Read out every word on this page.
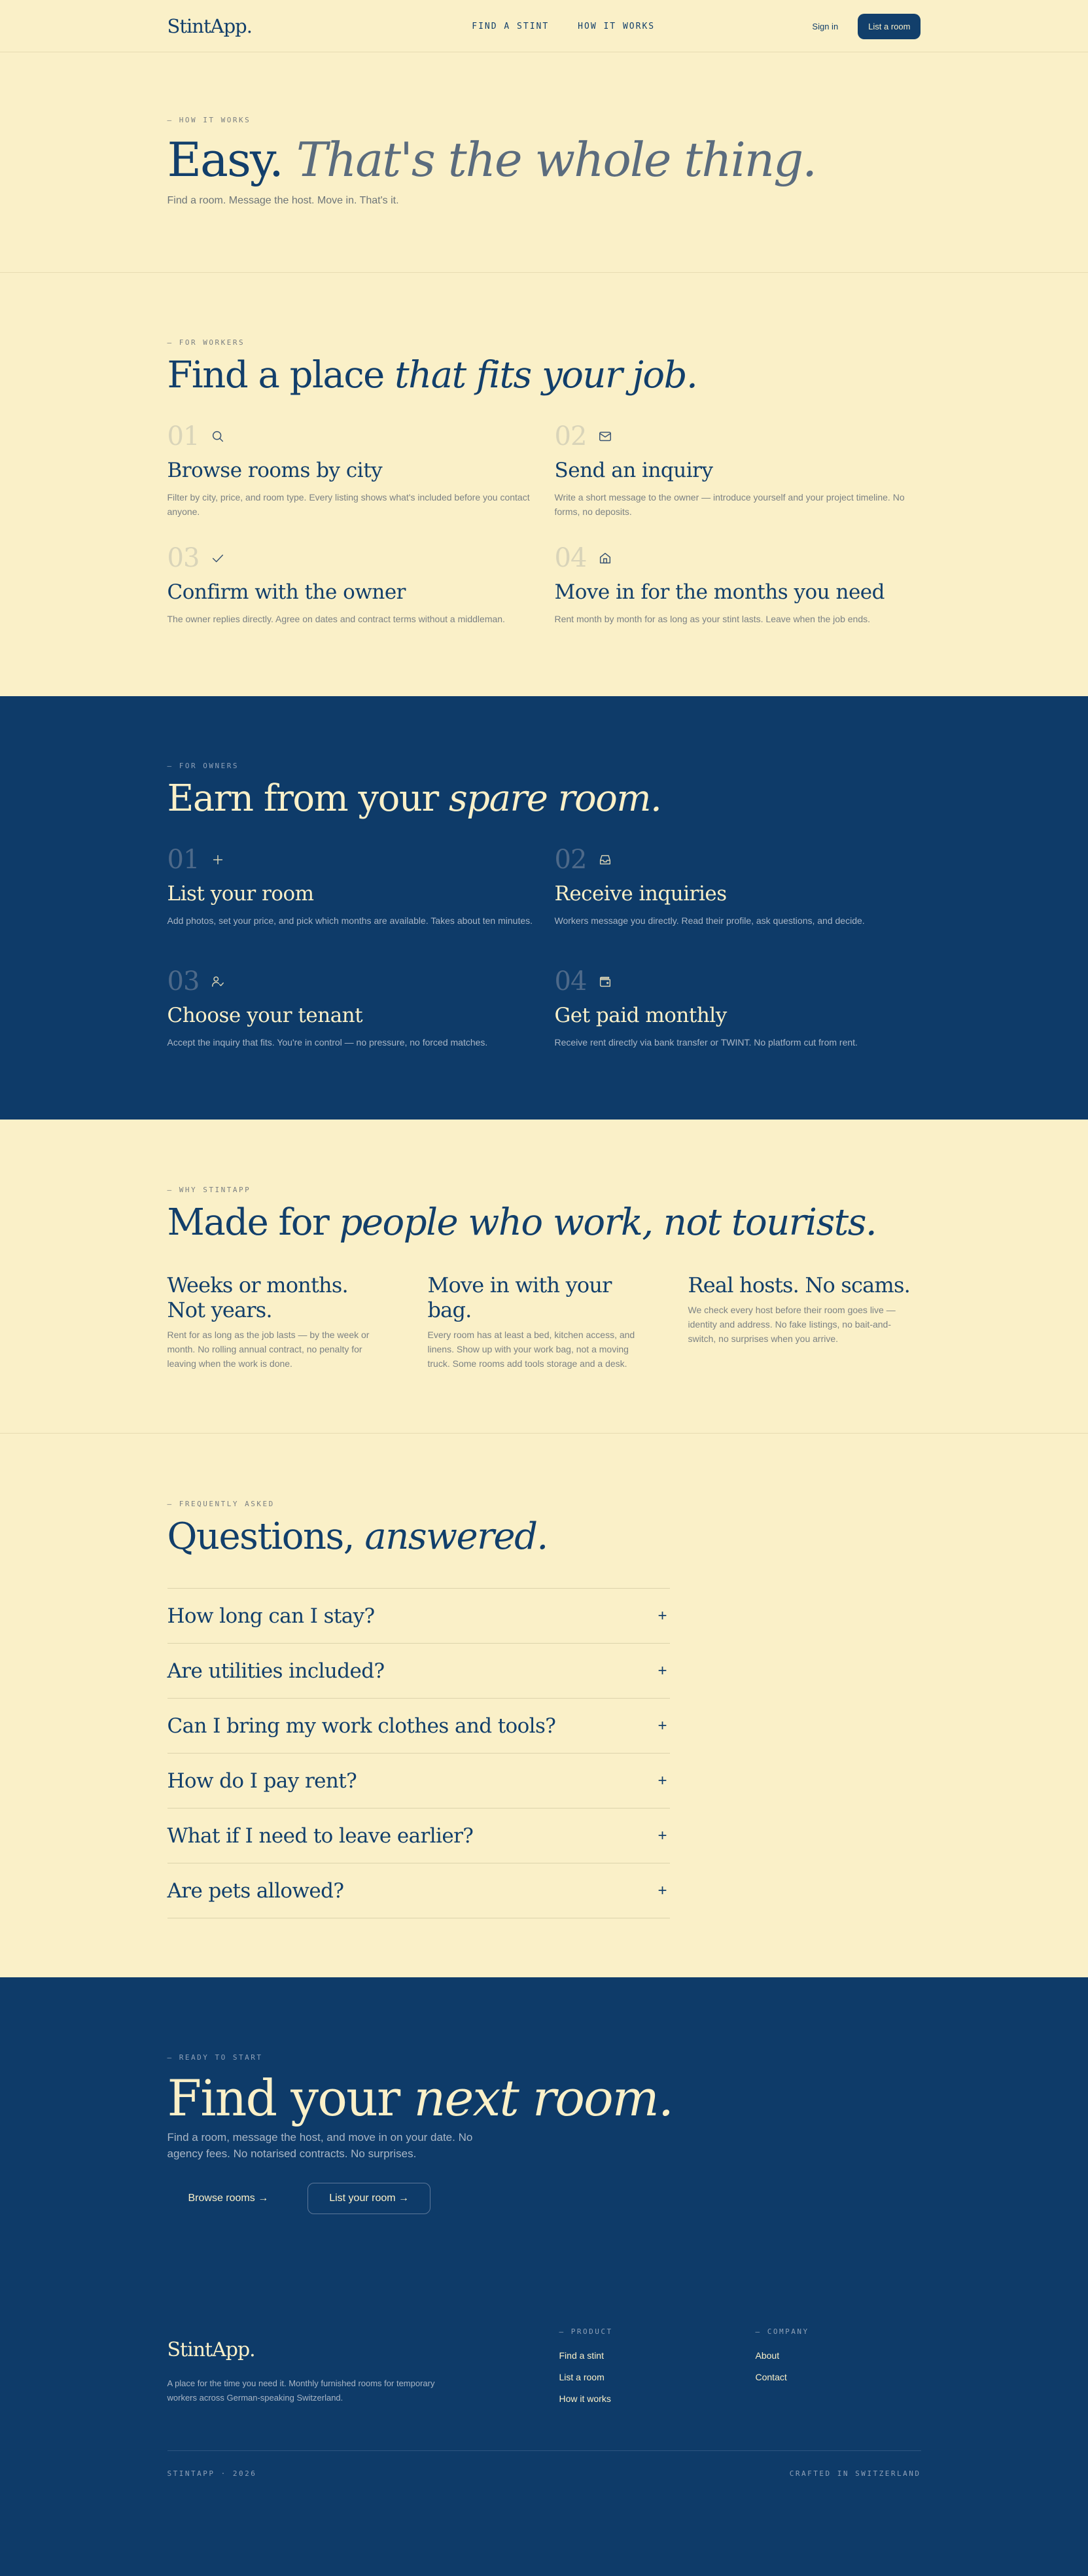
StintApp.	FIND A STINT	HOW IT WORKS	Sign in	List a room
— HOW IT WORKS
Easy. That's the whole thing.
Find a room. Message the host. Move in. That's it.
— FOR WORKERS
Find a place that fits your job.
01
Browse rooms by city

Filter by city, price, and room type. Every listing shows what's included before you contact anyone.

02
Send an inquiry

Write a short message to the owner — introduce yourself and your project timeline. No forms, no deposits.

03
Confirm with the owner

The owner replies directly. Agree on dates and contract terms without a middleman.

04
Move in for the months you need

Rent month by month for as long as your stint lasts. Leave when the job ends.

— FOR OWNERS
Earn from your spare room.
01
List your room

Add photos, set your price, and pick which months are available. Takes about ten minutes.

02
Receive inquiries

Workers message you directly. Read their profile, ask questions, and decide.

03
Choose your tenant

Accept the inquiry that fits. You're in control — no pressure, no forced matches.

04
Get paid monthly

Receive rent directly via bank transfer or TWINT. No platform cut from rent.

— WHY STINTAPP
Made for people who work, not tourists.
Weeks or months. Not years.

Rent for as long as the job lasts — by the week or month. No rolling annual contract, no penalty for leaving when the work is done.

Move in with your bag.

Every room has at least a bed, kitchen access, and linens. Show up with your work bag, not a moving truck. Some rooms add tools storage and a desk.

Real hosts. No scams.

We check every host before their room goes live — identity and address. No fake listings, no bait-and-switch, no surprises when you arrive.

— FREQUENTLY ASKED
Questions, answered.
How long can I stay?	+
Are utilities included?	+
Can I bring my work clothes and tools?	+
How do I pay rent?	+
What if I need to leave earlier?	+
Are pets allowed?	+
— READY TO START
Find your next room.
Find a room, message the host, and move in on your date. No agency fees. No notarised contracts. No surprises.
Browse rooms →	List your room →
StintApp.
A place for the time you need it. Monthly furnished rooms for temporary workers across German-speaking Switzerland.
— PRODUCT
Find a stint
List a room
How it works
— COMPANY
About
Contact
STINTAPP · 2026	CRAFTED IN SWITZERLAND
